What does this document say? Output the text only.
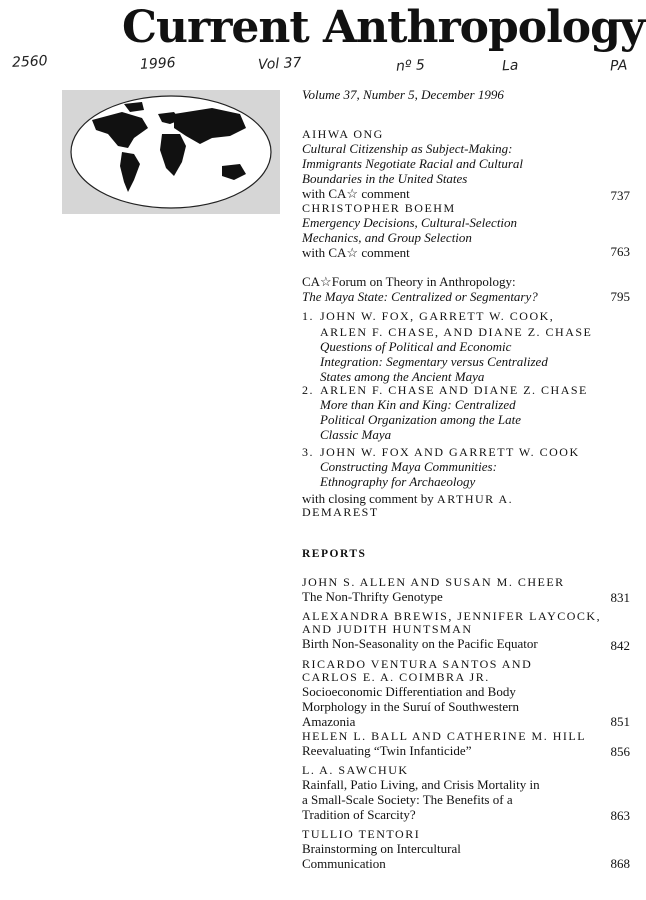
Current Anthropology
2560	1996	Vol 37	nº 5	La	PA
Volume 37, Number 5, December 1996
AIHWA ONG
Cultural Citizenship as Subject-Making:
Immigrants Negotiate Racial and Cultural
Boundaries in the United States
with CA☆ comment	737
CHRISTOPHER BOEHM
Emergency Decisions, Cultural-Selection
Mechanics, and Group Selection
with CA☆ comment	763
CA☆Forum on Theory in Anthropology:
The Maya State: Centralized or Segmentary?	795
1. JOHN W. FOX, GARRETT W. COOK,
ARLEN F. CHASE, AND DIANE Z. CHASE
Questions of Political and Economic
Integration: Segmentary versus Centralized
States among the Ancient Maya
2. ARLEN F. CHASE AND DIANE Z. CHASE
More than Kin and King: Centralized
Political Organization among the Late
Classic Maya
3. JOHN W. FOX AND GARRETT W. COOK
Constructing Maya Communities:
Ethnography for Archaeology
with closing comment by ARTHUR A.
DEMAREST
REPORTS
JOHN S. ALLEN AND SUSAN M. CHEER
The Non-Thrifty Genotype	831
ALEXANDRA BREWIS, JENNIFER LAYCOCK,
AND JUDITH HUNTSMAN
Birth Non-Seasonality on the Pacific Equator	842
RICARDO VENTURA SANTOS AND
CARLOS E. A. COIMBRA JR.
Socioeconomic Differentiation and Body
Morphology in the Suruí of Southwestern
Amazonia	851
HELEN L. BALL AND CATHERINE M. HILL
Reevaluating “Twin Infanticide”	856
L. A. SAWCHUK
Rainfall, Patio Living, and Crisis Mortality in
a Small-Scale Society: The Benefits of a
Tradition of Scarcity?	863
TULLIO TENTORI
Brainstorming on Intercultural
Communication	868
